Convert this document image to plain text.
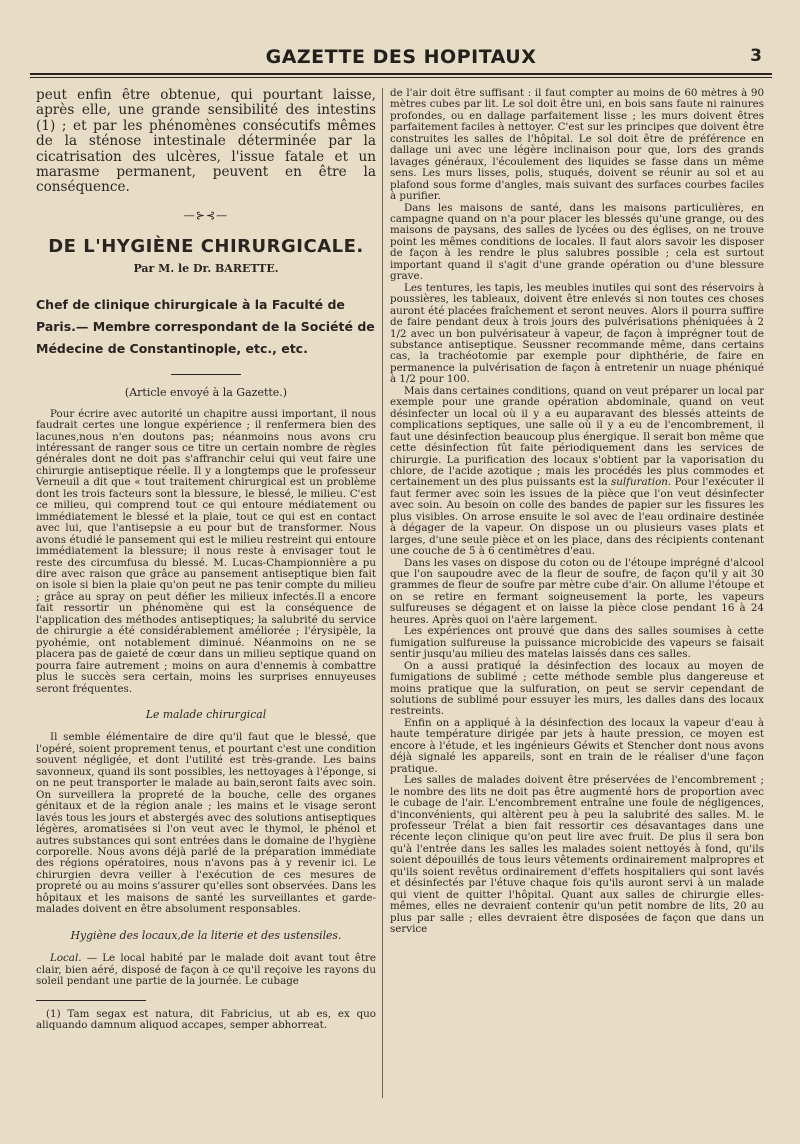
GAZETTE DES HOPITAUX	3

peut enfin être obtenue, qui pourtant laisse, après elle, une grande sensibilité des intestins (1) ; et par les phénomènes consécutifs mêmes de la sténose intestinale déterminée par la cicatrisation des ulcères, l'issue fatale et un marasme permanent, peuvent en être la conséquence.

—⊱⊰—
DE L'HYGIÈNE CHIRURGICALE.
Par M. le Dr. BARETTE.

Chef de clinique chirurgicale à la Faculté de Paris.— Membre correspondant de la Société de Médecine de Constantinople, etc., etc.

(Article envoyé à la Gazette.)

Pour écrire avec autorité un chapitre aussi important, il nous faudrait certes une longue expérience ; il renfermera bien des lacunes,nous n'en doutons pas; néanmoins nous avons cru intéressant de ranger sous ce titre un certain nombre de règles générales dont ne doit pas s'affranchir celui qui veut faire une chirurgie antiseptique réelle. Il y a longtemps que le professeur Verneuil a dit que « tout traitement chirurgical est un problème dont les trois facteurs sont la blessure, le blessé, le milieu. C'est ce milieu, qui comprend tout ce qui entoure médiatement ou immédiatement le blessé et la plaie, tout ce qui est en contact avec lui, que l'antisepsie a eu pour but de transformer. Nous avons étudié le pansement qui est le milieu restreint qui entoure immédiatement la blessure; il nous reste à envisager tout le reste des circumfusa du blessé. M. Lucas-Championnière a pu dire avec raison que grâce au pansement antiseptique bien fait on isole si bien la plaie qu'on peut ne pas tenir compte du milieu ; grâce au spray on peut défier les milieux infectés.Il a encore fait ressortir un phénomène qui est la conséquence de l'application des méthodes antiseptiques; la salubrité du service de chirurgie a été considérablement améliorée ; l'érysipèle, la pyohémie, ont notablement diminué. Néanmoins on ne se placera pas de gaieté de cœur dans un milieu septique quand on pourra faire autrement ; moins on aura d'ennemis à combattre plus le succès sera certain, moins les surprises ennuyeuses seront fréquentes.

Le malade chirurgical

Il semble élémentaire de dire qu'il faut que le blessé, que l'opéré, soient proprement tenus, et pourtant c'est une condition souvent négligée, et dont l'utilité est très-grande. Les bains savonneux, quand ils sont possibles, les nettoyages à l'éponge, si on ne peut transporter le malade au bain,seront faits avec soin. On surveillera la propreté de la bouche, celle des organes génitaux et de la région anale ; les mains et le visage seront lavés tous les jours et abstergés avec des solutions antiseptiques légères, aromatisées si l'on veut avec le thymol, le phénol et autres substances qui sont entrées dans le domaine de l'hygiène corporelle. Nous avons déjà parlé de la préparation immédiate des régions opératoires, nous n'avons pas à y revenir ici. Le chirurgien devra veiller à l'exécution de ces mesures de propreté ou au moins s'assurer qu'elles sont observées. Dans les hôpitaux et les maisons de santé les surveillantes et garde-malades doivent en être absolument responsables.

Hygiène des locaux,de la literie et des ustensiles.

Local. — Le local habité par le malade doit avant tout être clair, bien aéré, disposé de façon à ce qu'il reçoive les rayons du soleil pendant une partie de la journée. Le cubage

(1) Tam segax est natura, dit Fabricius, ut ab es, ex quo aliquando damnum aliquod accapes, semper abhorreat.

de l'air doit être suffisant : il faut compter au moins de 60 mètres à 90 mètres cubes par lit. Le sol doit être uni, en bois sans faute ni rainures profondes, ou en dallage parfaitement lisse ; les murs doivent êtres parfaitement faciles à nettoyer. C'est sur les principes que doivent être construites les salles de l'hôpital. Le sol doit être de préférence en dallage uni avec une légère inclinaison pour que, lors des grands lavages généraux, l'écoulement des liquides se fasse dans un même sens. Les murs lisses, polis, stuqués, doivent se réunir au sol et au plafond sous forme d'angles, mais suivant des surfaces courbes faciles à purifier.

Dans les maisons de santé, dans les maisons particulières, en campagne quand on n'a pour placer les blessés qu'une grange, ou des maisons de paysans, des salles de lycées ou des églises, on ne trouve point les mêmes conditions de locales. Il faut alors savoir les disposer de façon à les rendre le plus salubres possible ; cela est surtout important quand il s'agit d'une grande opération ou d'une blessure grave.

Les tentures, les tapis, les meubles inutiles qui sont des réservoirs à poussières, les tableaux, doivent être enlevés si non toutes ces choses auront été placées fraîchement et seront neuves. Alors il pourra suffire de faire pendant deux à trois jours des pulvérisations phéniquées à 2 1/2 avec un bon pulvérisateur à vapeur, de façon à imprégner tout de substance antiseptique. Seussner recommande même, dans certains cas, la trachéotomie par exemple pour diphthérie, de faire en permanence la pulvérisation de façon à entretenir un nuage phéniqué à 1/2 pour 100.

Mais dans certaines conditions, quand on veut préparer un local par exemple pour une grande opération abdominale, quand on veut désinfecter un local où il y a eu auparavant des blessés atteints de complications septiques, une salle où il y a eu de l'encombrement, il faut une désinfection beaucoup plus énergique. Il serait bon même que cette désinfection fût faite périodiquement dans les services de chirurgie. La purification des locaux s'obtient par la vaporisation du chlore, de l'acide azotique ; mais les procédés les plus commodes et certainement un des plus puissants est la sulfuration. Pour l'exécuter il faut fermer avec soin les issues de la pièce que l'on veut désinfecter avec soin. Au besoin on colle des bandes de papier sur les fissures les plus visibles. On arrose ensuite le sol avec de l'eau ordinaire destinée à dégager de la vapeur. On dispose un ou plusieurs vases plats et larges, d'une seule pièce et on les place, dans des récipients contenant une couche de 5 à 6 centimètres d'eau.

Dans les vases on dispose du coton ou de l'étoupe imprégné d'alcool que l'on saupoudre avec de la fleur de soufre, de façon qu'il y ait 30 grammes de fleur de soufre par mètre cube d'air. On allume l'étoupe et on se retire en fermant soigneusement la porte, les vapeurs sulfureuses se dégagent et on laisse la pièce close pendant 16 à 24 heures. Après quoi on l'aère largement.

Les expériences ont prouvé que dans des salles soumises à cette fumigation sulfureuse la puissance microbicide des vapeurs se faisait sentir jusqu'au milieu des matelas laissés dans ces salles.

On a aussi pratiqué la désinfection des locaux au moyen de fumigations de sublimé ; cette méthode semble plus dangereuse et moins pratique que la sulfuration, on peut se servir cependant de solutions de sublimé pour essuyer les murs, les dalles dans des locaux restreints.

Enfin on a appliqué à la désinfection des locaux la vapeur d'eau à haute température dirigée par jets à haute pression, ce moyen est encore à l'étude, et les ingénieurs Géwits et Stencher dont nous avons déjà signalé les appareils, sont en train de le réaliser d'une façon pratique.

Les salles de malades doivent être préservées de l'encombrement ; le nombre des lits ne doit pas être augmenté hors de proportion avec le cubage de l'air. L'encombrement entraîne une foule de négligences, d'inconvénients, qui altèrent peu à peu la salubrité des salles. M. le professeur Trélat a bien fait ressortir ces désavantages dans une récente leçon clinique qu'on peut lire avec fruit. De plus il sera bon qu'à l'entrée dans les salles les malades soient nettoyés à fond, qu'ils soient dépouillés de tous leurs vêtements ordinairement malpropres et qu'ils soient revêtus ordinairement d'effets hospitaliers qui sont lavés et désinfectés par l'étuve chaque fois qu'ils auront servi à un malade qui vient de quitter l'hôpital. Quant aux salles de chirurgie elles-mêmes, elles ne devraient contenir qu'un petit nombre de lits, 20 au plus par salle ; elles devraient être disposées de façon que dans un service
